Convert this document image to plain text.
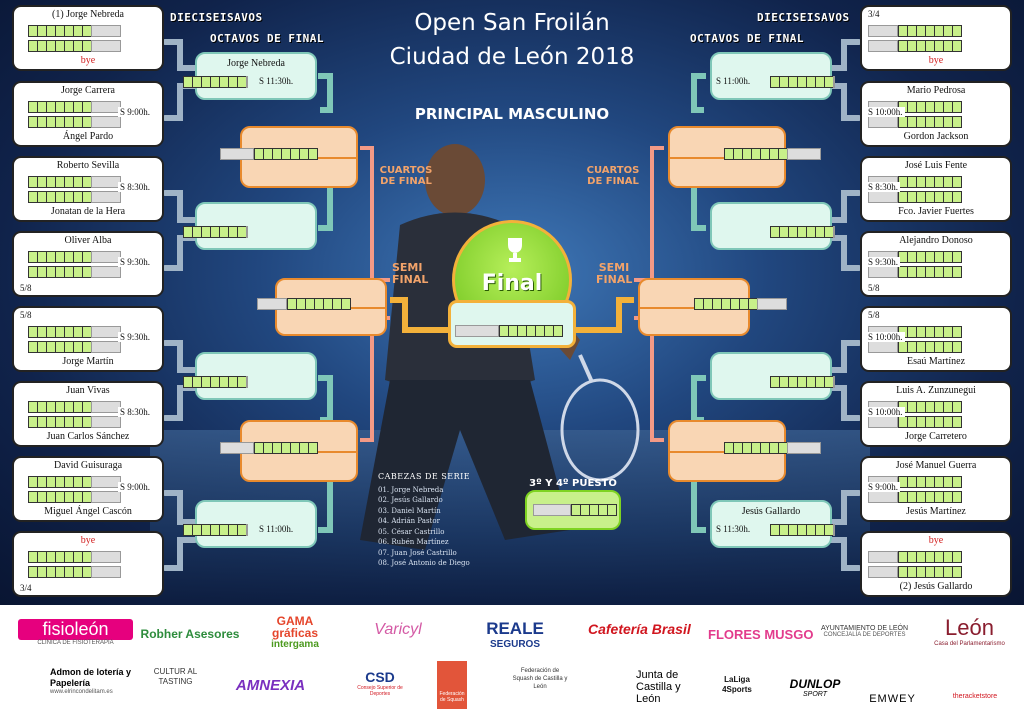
Open San Froilán
Ciudad de León 2018
PRINCIPAL MASCULINO
DIECISEISAVOS
OCTAVOS DE FINAL
DIECISEISAVOS
OCTAVOS DE FINAL
CUARTOS
DE FINAL
CUARTOS
DE FINAL
SEMI
FINAL
SEMI
FINAL
Final
3º Y 4º PUESTO
CABEZAS DE SERIE
01. Jorge Nebreda
02. Jesús Gallardo
03. Daniel Martín
04. Adrián Pastor
05. César Castrillo
06. Rubén Martínez
07. Juan José Castrillo
08. José Antonio de Diego
(1) Jorge Nebreda
bye
Jorge Carrera
Ángel Pardo
S 9:00h.
Roberto Sevilla
Jonatan de la Hera
S 8:30h.
Oliver Alba
S 9:30h.
5/8
Jorge Martín
S 9:30h.
5/8
Juan Vivas
Juan Carlos Sánchez
S 8:30h.
David Guisuraga
Miguel Ángel Cascón
S 9:00h.
bye
3/4
bye
3/4
Mario Pedrosa
Gordon Jackson
S 10:00h.
José Luis Fente
Fco. Javier Fuertes
S 8:30h.
Alejandro Donoso
S 9:30h.
5/8
Esaú Martínez
S 10:00h.
5/8
Luis A. Zunzunegui
Jorge Carretero
S 10:00h.
José Manuel Guerra
Jesús Martínez
S 9:00h.
bye
(2) Jesús Gallardo
Jorge Nebreda
S 11:30h.
S 11:00h.
S 11:00h.
Jesús Gallardo
S 11:30h.
fisioleón
CLÍNICA DE FISIOTERAPIA
Robher Asesores
GAMA gráficas
intergama
Varicyl	REALE
SEGUROS
Cafetería Brasil FLORES MUSGO	AYUNTAMIENTO DE LEÓN
CONCEJALÍA DE DEPORTES	León
Casa del Parlamentarismo
Admon de lotería y Papelería
www.elrincondelitam.es
CULTUR AL TASTING	AMNEXIA	CSD
Consejo Superior de Deportes	Federación de Squash
Federación de Squash de Castilla y León
Junta de Castilla y León
LaLiga 4Sports	DUNLOP
SPORT	EMWEY	theracketstore
